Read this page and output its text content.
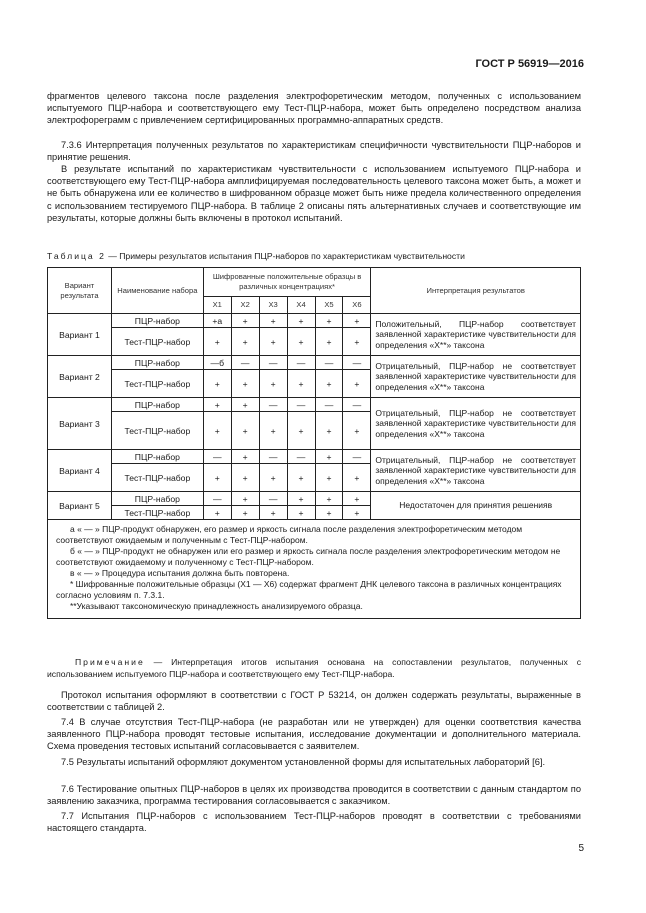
ГОСТ Р 56919—2016
фрагментов целевого таксона после разделения электрофоретическим методом, полученных с использованием испытуемого ПЦР-набора и соответствующего ему Тест-ПЦР-набора, может быть определено посредством анализа электрофореграмм с привлечением сертифицированных программно-аппаратных средств.
7.3.6 Интерпретация полученных результатов по характеристикам специфичности чувствительности ПЦР-наборов и принятие решения.
В результате испытаний по характеристикам чувствительности с использованием испытуемого ПЦР-набора и соответствующего ему Тест-ПЦР-набора амплифицируемая последовательность целевого таксона может быть, а может и не быть обнаружена или ее количество в шифрованном образце может быть ниже предела количественного определения с использованием тестируемого ПЦР-набора. В таблице 2 описаны пять альтернативных случаев и соответствующие им результаты, которые должны быть включены в протокол испытаний.
Таблица 2 — Примеры результатов испытания ПЦР-наборов по характеристикам чувствительности
Вариант результата	Наименование набора	Шифрованные положительные образцы в различных концентрациях*						Интерпретация результатов
		X1	X2	X3	X4	X5	X6	
Вариант 1	ПЦР-набор	+а	+	+	+	+	+	Положительный, ПЦР-набор соответствует заявленной характеристике чувствительности для определения «X**» таксона
	Тест-ПЦР-набор	+	+	+	+	+	+	
Вариант 2	ПЦР-набор	—б	—	—	—	—	—	Отрицательный, ПЦР-набор не соответствует заявленной характеристике чувствительности для определения «X**» таксона
	Тест-ПЦР-набор	+	+	+	+	+	+	
Вариант 3	ПЦР-набор	+	+	—	—	—	—	Отрицательный, ПЦР-набор не соответствует заявленной характеристике чувствительности для определения «X**» таксона
	Тест-ПЦР-набор	+	+	+	+	+	+	
Вариант 4	ПЦР-набор	—	+	—	—	+	—	Отрицательный, ПЦР-набор не соответствует заявленной характеристике чувствительности для определения «X**» таксона
	Тест-ПЦР-набор	+	+	+	+	+	+	
Вариант 5	ПЦР-набор	—	+	—	+	+	+	Недостаточен для принятия решенияв
	Тест-ПЦР-набор	+	+	+	+	+	+	

а « — » ПЦР-продукт обнаружен, его размер и яркость сигнала после разделения электрофоретическим методом соответствуют ожидаемым и полученным с Тест-ПЦР-набором.

б « — » ПЦР-продукт не обнаружен или его размер и яркость сигнала после разделения электрофоретическим методом не соответствуют ожидаемому и полученному с Тест-ПЦР-набором.

в « — » Процедура испытания должна быть повторена.

* Шифрованные положительные образцы (X1 — X6) содержат фрагмент ДНК целевого таксона в различных концентрациях согласно условиям п. 7.3.1.

**Указывают таксономическую принадлежность анализируемого образца.								

Примечание — Интерпретация итогов испытания основана на сопоставлении результатов, полученных с использованием испытуемого ПЦР-набора и соответствующего ему Тест-ПЦР-набора.
Протокол испытания оформляют в соответствии с ГОСТ Р 53214, он должен содержать результаты, выраженные в соответствии с таблицей 2.
7.4 В случае отсутствия Тест-ПЦР-набора (не разработан или не утвержден) для оценки соответствия качества заявленного ПЦР-набора проводят тестовые испытания, исследование документации и дополнительного материала. Схема проведения тестовых испытаний согласовывается с заявителем.
7.5 Результаты испытаний оформляют документом установленной формы для испытательных лабораторий [6].
7.6 Тестирование опытных ПЦР-наборов в целях их производства проводится в соответствии с данным стандартом по заявлению заказчика, программа тестирования согласовывается с заказчиком.
7.7 Испытания ПЦР-наборов с использованием Тест-ПЦР-наборов проводят в соответствии с требованиями настоящего стандарта.
5
